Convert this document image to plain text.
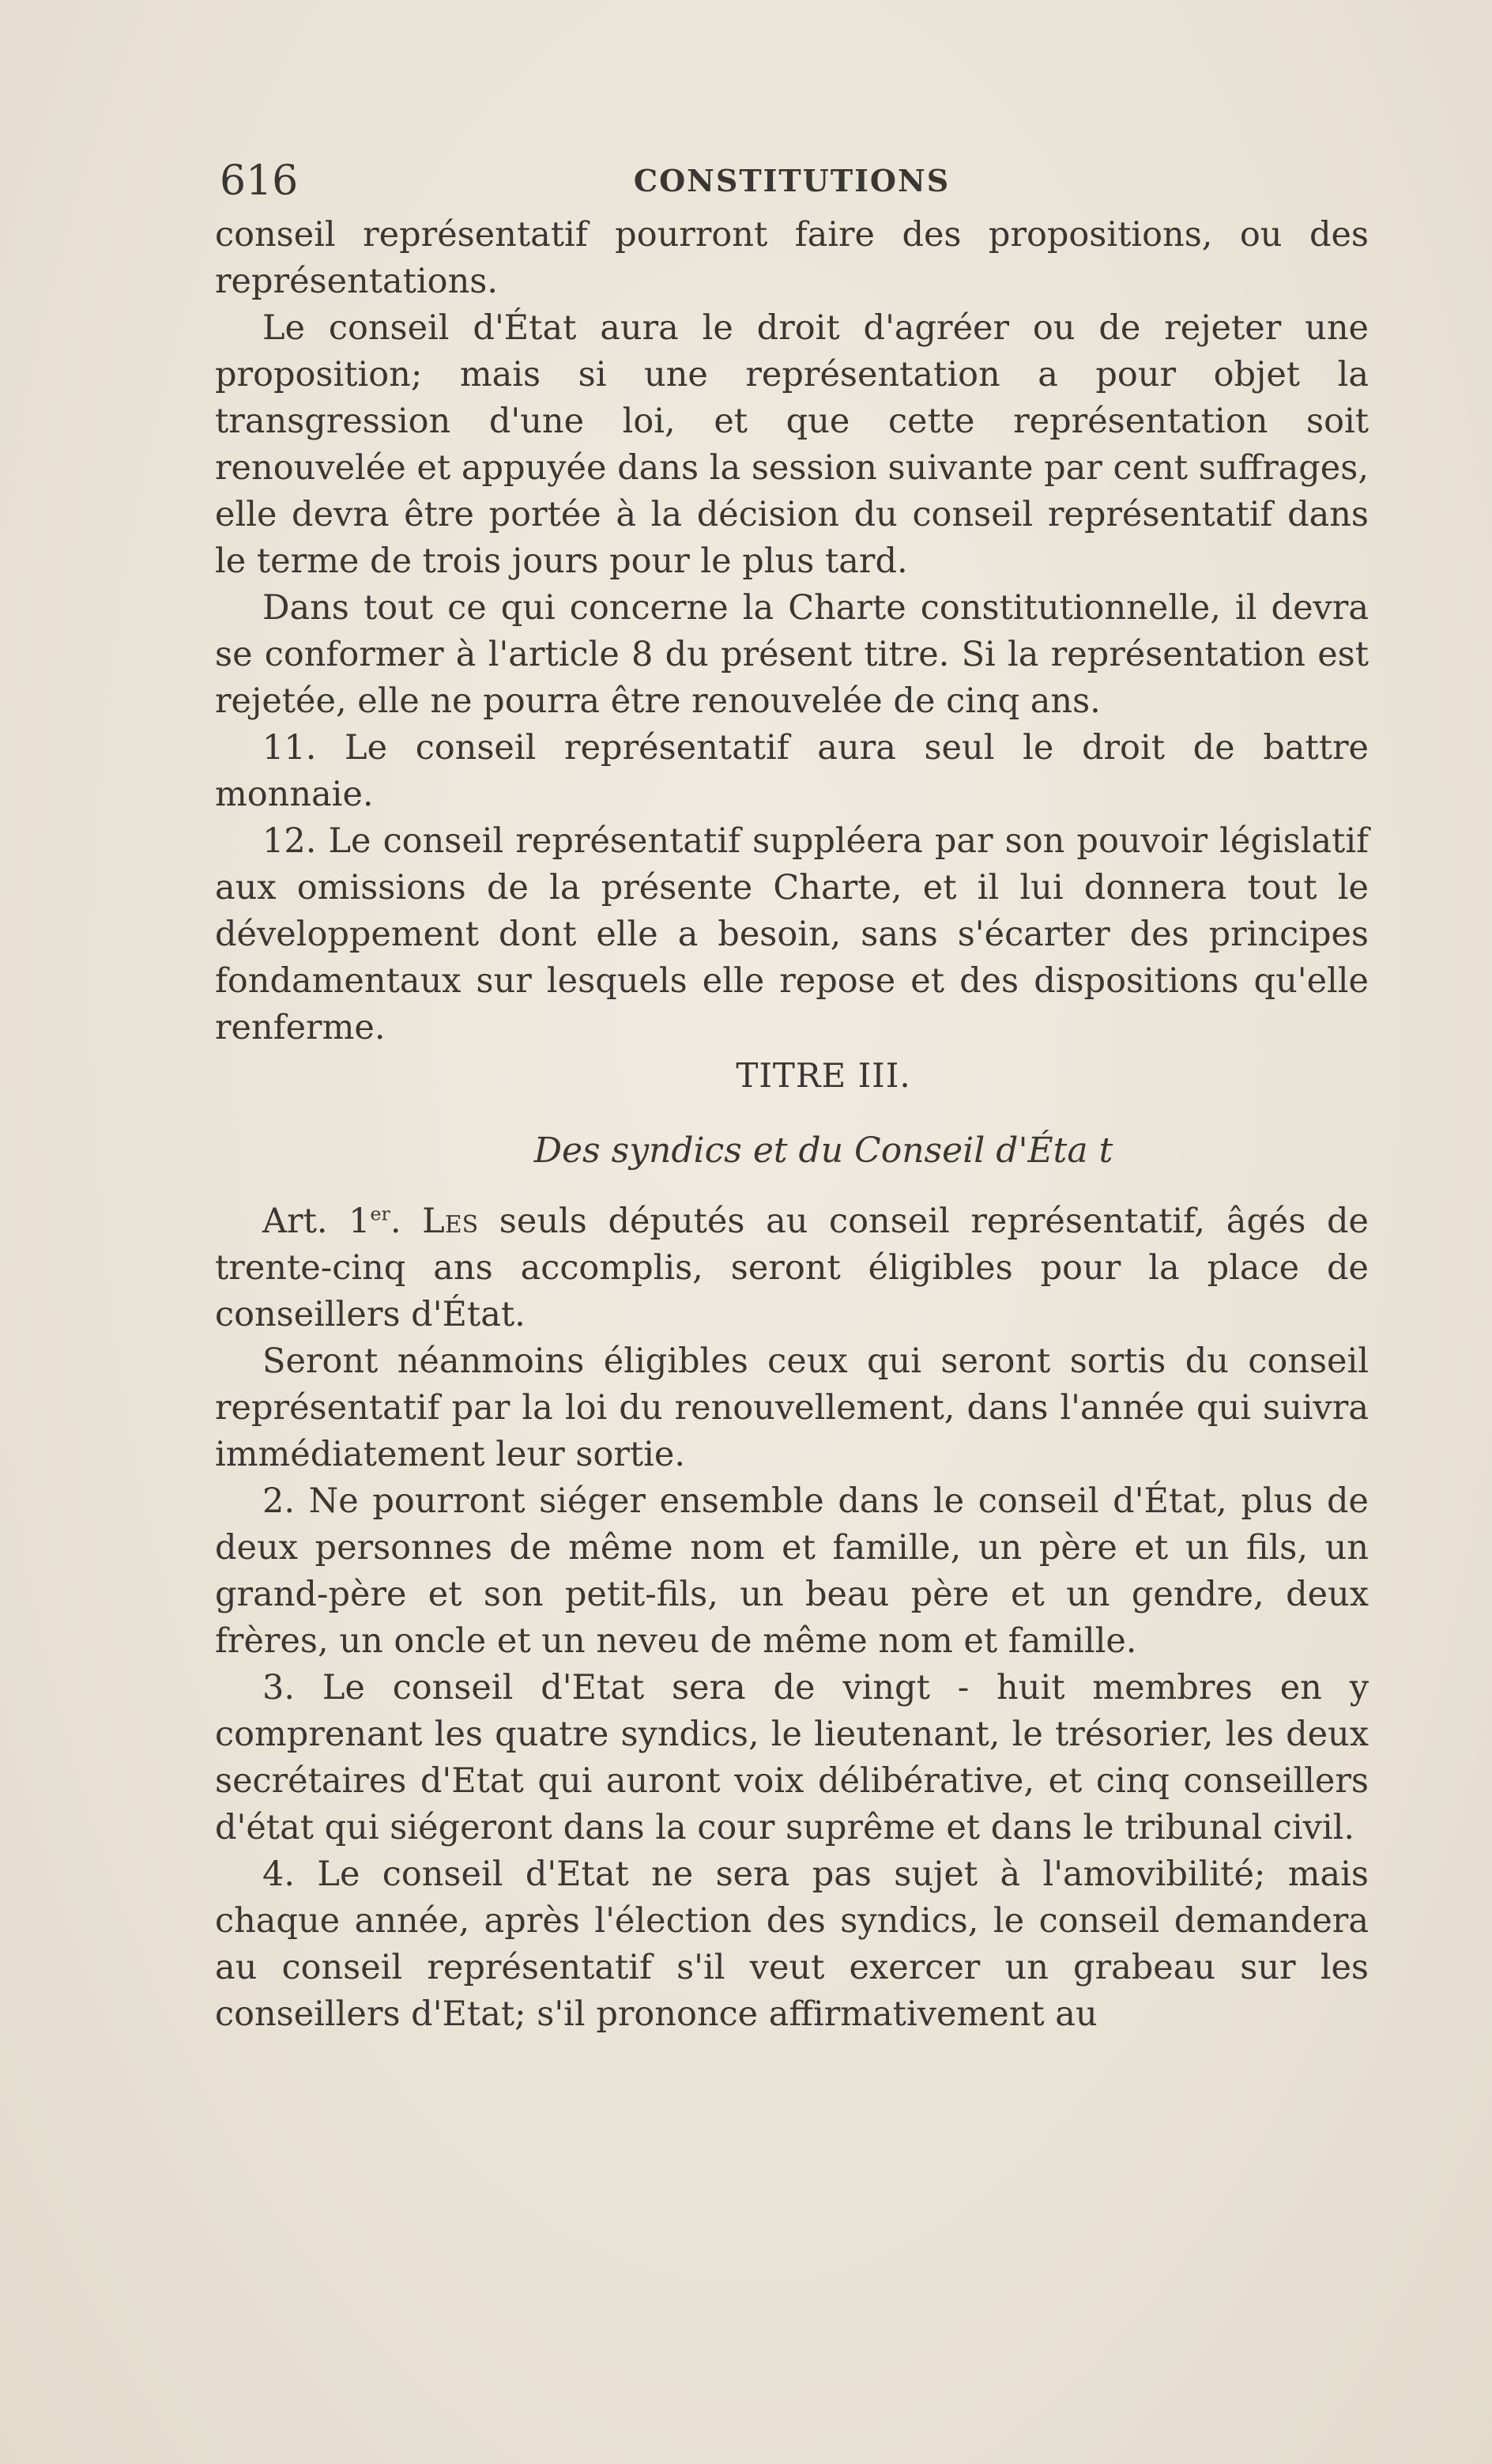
616	CONSTITUTIONS

conseil représentatif pourront faire des propositions, ou des représentations.

Le conseil d'État aura le droit d'agréer ou de rejeter une proposition; mais si une représentation a pour objet la transgression d'une loi, et que cette représentation soit renouvelée et appuyée dans la session suivante par cent suffrages, elle devra être portée à la décision du conseil représentatif dans le terme de trois jours pour le plus tard.

Dans tout ce qui concerne la Charte constitutionnelle, il devra se conformer à l'article 8 du présent titre. Si la représentation est rejetée, elle ne pourra être renouvelée de cinq ans.

11. Le conseil représentatif aura seul le droit de battre monnaie.

12. Le conseil représentatif suppléera par son pouvoir législatif aux omissions de la présente Charte, et il lui donnera tout le développement dont elle a besoin, sans s'écarter des principes fondamentaux sur lesquels elle repose et des dispositions qu'elle renferme.

TITRE III.
Des syndics et du Conseil d'Éta t

Art. 1er. Les seuls députés au conseil représentatif, âgés de trente-cinq ans accomplis, seront éligibles pour la place de conseillers d'État.

Seront néanmoins éligibles ceux qui seront sortis du conseil représentatif par la loi du renouvellement, dans l'année qui suivra immédiatement leur sortie.

2. Ne pourront siéger ensemble dans le conseil d'État, plus de deux personnes de même nom et famille, un père et un fils, un grand-père et son petit-fils, un beau père et un gendre, deux frères, un oncle et un neveu de même nom et famille.

3. Le conseil d'Etat sera de vingt - huit membres en y comprenant les quatre syndics, le lieutenant, le trésorier, les deux secrétaires d'Etat qui auront voix délibérative, et cinq conseillers d'état qui siégeront dans la cour suprême et dans le tribunal civil.

4. Le conseil d'Etat ne sera pas sujet à l'amovibilité; mais chaque année, après l'élection des syndics, le conseil demandera au conseil représentatif s'il veut exercer un grabeau sur les conseillers d'Etat; s'il prononce affirmativement au
